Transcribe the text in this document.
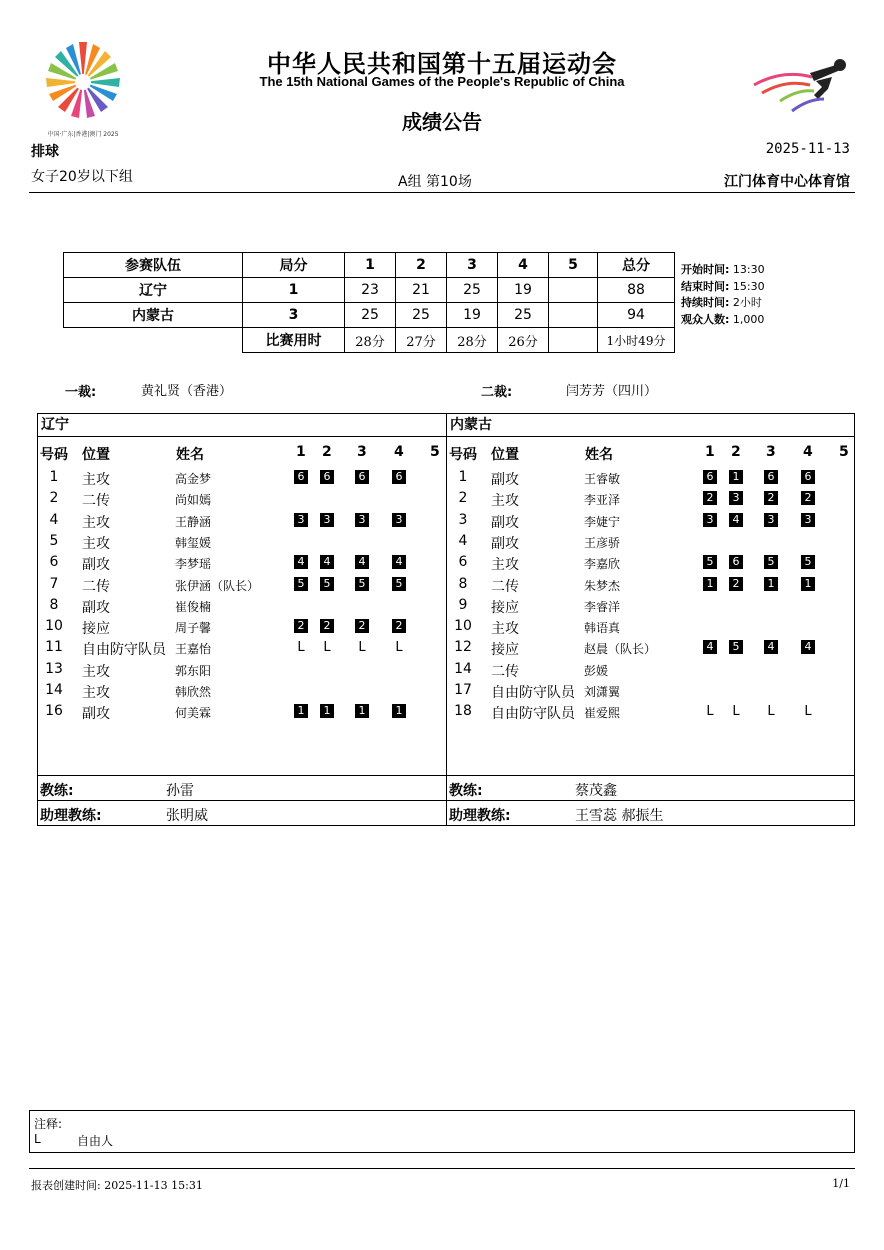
中国·广东|香港|澳门 2025
中华人民共和国第十五届运动会
The 15th National Games of the People's Republic of China
成绩公告
排球	2025-11-13
女子20岁以下组	A组 第10场	江门体育中心体育馆
参赛队伍	局分	1	2	3	4	5	总分
辽宁	1	23	21	25	19		88
内蒙古	3	25	25	19	25		94
	比赛用时	28分	27分	28分	26分		1小时49分
开始时间: 13:30
结束时间: 15:30
持续时间: 2小时
观众人数: 1,000
一裁:	黄礼贤（香港）	二裁:	闫芳芳（四川）
辽宁
号码 位置	姓名	1 2 3 4 5
1	主攻	高金梦	6	6	6	6
2	二传	尚如嫣
4	主攻	王静涵	3	3	3	3
5	主攻	韩玺媛
6	副攻	李梦瑶	4	4	4	4
7	二传	张伊涵（队长）	5	5	5	5
8	副攻	崔俊楠
10 接应	周子馨	2	2	2	2
11 自由防守队员 王嘉怡	L L L L
13 主攻	郭东阳
14 主攻	韩欣然
16 副攻	何美霖	1	1	1	1
教练:	孙雷
助理教练:	张明威
内蒙古
号码 位置	姓名	1 2 3 4 5
1	副攻	王睿敏	6	1	6	6
2	主攻	李亚泽	2	3	2	2
3	副攻	李婕宁	3	4	3	3
4	副攻	王彦骄
6	主攻	李嘉欣	5	6	5	5
8	二传	朱梦杰	1	2	1	1
9	接应	李睿洋
10 主攻	韩语真
12 接应	赵晨（队长）	4	5	4	4
14 二传	彭媛
17 自由防守队员 刘潇翼
18 自由防守队员 崔爱熙	L L L L
教练:	蔡茂鑫
助理教练:	王雪蕊 郝振生
注释:
L	自由人
报表创建时间: 2025-11-13 15:31	1/1
